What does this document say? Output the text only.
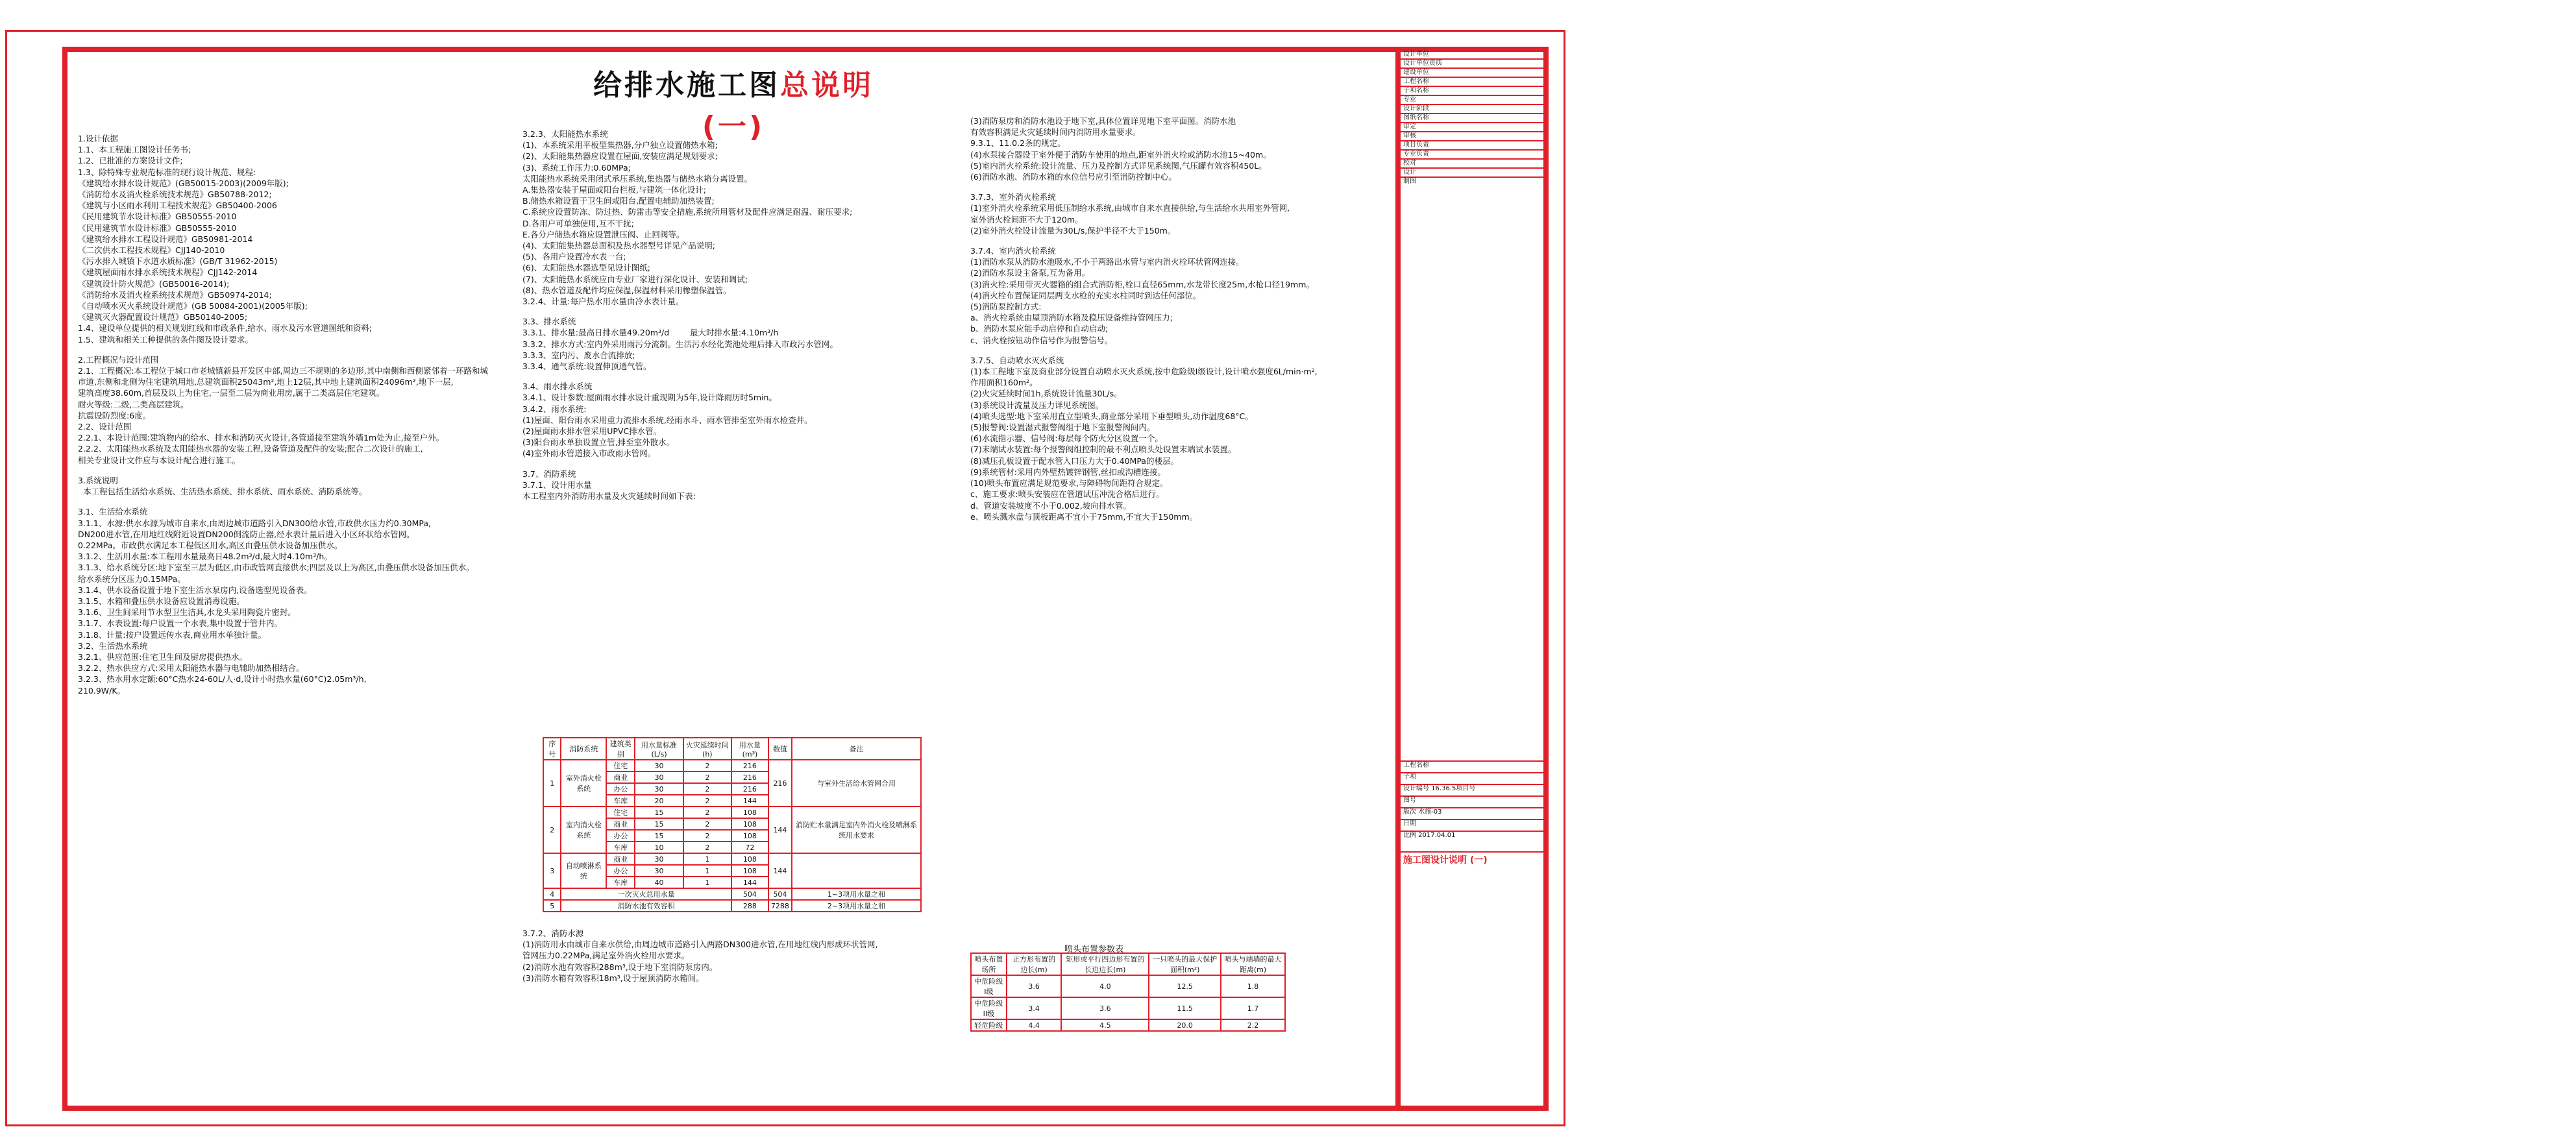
给排水施工图总说明(一)

1.设计依据

1.1、本工程施工图设计任务书;

1.2、已批准的方案设计文件;

1.3、除特殊专业规范标准的现行设计规范、规程:

《建筑给水排水设计规范》(GB50015-2003)(2009年版);

《消防给水及消火栓系统技术规范》GB50788-2012;

《建筑与小区雨水利用工程技术规范》GB50400-2006

《民用建筑节水设计标准》GB50555-2010

《民用建筑节水设计标准》GB50555-2010

《建筑给水排水工程设计规范》GB50981-2014

《二次供水工程技术规程》CJJ140-2010

《污水排入城镇下水道水质标准》(GB/T 31962-2015)

《建筑屋面雨水排水系统技术规程》CJJ142-2014

《建筑设计防火规范》(GB50016-2014);

《消防给水及消火栓系统技术规范》GB50974-2014;

《自动喷水灭火系统设计规范》(GB 50084-2001)(2005年版);

《建筑灭火器配置设计规范》GB50140-2005;

1.4、建设单位提供的相关规划红线和市政条件,给水、雨水及污水管道图纸和资料;

1.5、建筑和相关工种提供的条件图及设计要求。

2.工程概况与设计范围

2.1、工程概况:本工程位于城口市老城镇新县开发区中部,周边三不规则的多边形,其中南侧和西侧紧邻着一环路和城

市道,东侧和北侧为住宅建筑用地,总建筑面积25043m²,地上12层,其中地上建筑面积24096m²,地下一层,

建筑高度38.60m,首层及以上为住宅,一层至二层为商业用房,属于二类高层住宅建筑。

耐火等级:二级,二类高层建筑。

抗震设防烈度:6度。

2.2、设计范围

2.2.1、本设计范围:建筑物内的给水、排水和消防灭火设计,各管道接至建筑外墙1m处为止,接至户外。

2.2.2、太阳能热水系统及太阳能热水器的安装工程,设备管道及配件的安装;配合二次设计的施工,

相关专业设计文件应与本设计配合进行施工。

3.系统说明

本工程包括生活给水系统、生活热水系统、排水系统、雨水系统、消防系统等。

3.1、生活给水系统

3.1.1、水源:供水水源为城市自来水,由周边城市道路引入DN300给水管,市政供水压力约0.30MPa,

DN200进水管,在用地红线附近设置DN200倒流防止器,经水表计量后进入小区环状给水管网。

0.22MPa。市政供水满足本工程低区用水,高区由叠压供水设备加压供水。

3.1.2、生活用水量:本工程用水量最高日48.2m³/d,最大时4.10m³/h。

3.1.3、给水系统分区:地下室至三层为低区,由市政管网直接供水;四层及以上为高区,由叠压供水设备加压供水。

给水系统分区压力0.15MPa。

3.1.4、供水设备设置于地下室生活水泵房内,设备选型见设备表。

3.1.5、水箱和叠压供水设备应设置消毒设施。

3.1.6、卫生间采用节水型卫生洁具,水龙头采用陶瓷片密封。

3.1.7、水表设置:每户设置一个水表,集中设置于管井内。

3.1.8、计量:按户设置远传水表,商业用水单独计量。

3.2、生活热水系统

3.2.1、供应范围:住宅卫生间及厨房提供热水。

3.2.2、热水供应方式:采用太阳能热水器与电辅助加热相结合。

3.2.3、热水用水定额:60°C热水24-60L/人·d,设计小时热水量(60°C)2.05m³/h,

210.9W/K。

3.2.3、太阳能热水系统

(1)、本系统采用平板型集热器,分户独立设置储热水箱;

(2)、太阳能集热器应设置在屋面,安装应满足规划要求;

(3)、系统工作压力:0.60MPa;

太阳能热水系统采用闭式承压系统,集热器与储热水箱分离设置。

A.集热器安装于屋面或阳台栏板,与建筑一体化设计;

B.储热水箱设置于卫生间或阳台,配置电辅助加热装置;

C.系统应设置防冻、防过热、防雷击等安全措施,系统所用管材及配件应满足耐温、耐压要求;

D.各用户可单独使用,互不干扰;

E.各分户储热水箱应设置泄压阀、止回阀等。

(4)、太阳能集热器总面积及热水器型号详见产品说明;

(5)、各用户设置冷水表一台;

(6)、太阳能热水器选型见设计图纸;

(7)、太阳能热水系统应由专业厂家进行深化设计、安装和调试;

(8)、热水管道及配件均应保温,保温材料采用橡塑保温管。

3.2.4、计量:每户热水用水量由冷水表计量。

3.3、排水系统

3.3.1、排水量:最高日排水量49.20m³/d        最大时排水量:4.10m³/h

3.3.2、排水方式:室内外采用雨污分流制。生活污水经化粪池处理后排入市政污水管网。

3.3.3、室内污、废水合流排放;

3.3.4、通气系统:设置伸顶通气管。

3.4、雨水排水系统

3.4.1、设计参数:屋面雨水排水设计重现期为5年,设计降雨历时5min。

3.4.2、雨水系统:

(1)屋面、阳台雨水采用重力流排水系统,经雨水斗、雨水管排至室外雨水检查井。

(2)屋面雨水排水管采用UPVC排水管。

(3)阳台雨水单独设置立管,排至室外散水。

(4)室外雨水管道接入市政雨水管网。

3.7、消防系统

3.7.1、设计用水量

本工程室内外消防用水量及火灾延续时间如下表:

3.7.2、消防水源

(1)消防用水由城市自来水供给,由周边城市道路引入两路DN300进水管,在用地红线内形成环状管网,

管网压力0.22MPa,满足室外消火栓用水要求。

(2)消防水池有效容积288m³,设于地下室消防泵房内。

(3)消防水箱有效容积18m³,设于屋顶消防水箱间。

(3)消防泵房和消防水池设于地下室,具体位置详见地下室平面图。消防水池

有效容积满足火灾延续时间内消防用水量要求。

9.3.1、11.0.2条的规定。

(4)水泵接合器设于室外便于消防车使用的地点,距室外消火栓或消防水池15~40m。

(5)室内消火栓系统:设计流量、压力及控制方式详见系统图,气压罐有效容积450L。

(6)消防水池、消防水箱的水位信号应引至消防控制中心。

3.7.3、室外消火栓系统

(1)室外消火栓系统采用低压制给水系统,由城市自来水直接供给,与生活给水共用室外管网,

室外消火栓间距不大于120m。

(2)室外消火栓设计流量为30L/s,保护半径不大于150m。

3.7.4、室内消火栓系统

(1)消防水泵从消防水池吸水,不小于两路出水管与室内消火栓环状管网连接。

(2)消防水泵设主备泵,互为备用。

(3)消火栓:采用带灭火器箱的组合式消防柜,栓口直径65mm,水龙带长度25m,水枪口径19mm。

(4)消火栓布置保证同层两支水枪的充实水柱同时到达任何部位。

(5)消防泵控制方式:

a、消火栓系统由屋顶消防水箱及稳压设备维持管网压力;

b、消防水泵应能手动启停和自动启动;

c、消火栓按钮动作信号作为报警信号。

3.7.5、自动喷水灭火系统

(1)本工程地下室及商业部分设置自动喷水灭火系统,按中危险级I级设计,设计喷水强度6L/min·m²,

作用面积160m²。

(2)火灾延续时间1h,系统设计流量30L/s。

(3)系统设计流量及压力详见系统图。

(4)喷头选型:地下室采用直立型喷头,商业部分采用下垂型喷头,动作温度68°C。

(5)报警阀:设置湿式报警阀组于地下室报警阀间内。

(6)水流指示器、信号阀:每层每个防火分区设置一个。

(7)末端试水装置:每个报警阀组控制的最不利点喷头处设置末端试水装置。

(8)减压孔板设置于配水管入口压力大于0.40MPa的楼层。

(9)系统管材:采用内外壁热镀锌钢管,丝扣或沟槽连接。

(10)喷头布置应满足规范要求,与障碍物间距符合规定。

c、施工要求:喷头安装应在管道试压冲洗合格后进行。

d、管道安装坡度不小于0.002,坡向排水管。

e、喷头溅水盘与顶板距离不宜小于75mm,不宜大于150mm。

序号	消防系统	建筑类别	用水量标准(L/s)	火灾延续时间(h)	用水量(m³)	数值	备注
1	室外消火栓系统	住宅	30	2	216	216	与室外生活给水管网合用
		商业	30	2	216		
		办公	30	2	216		
		车库	20	2	144		
2	室内消火栓系统	住宅	15	2	108	144	消防贮水量满足室内外消火栓及喷淋系统用水要求
		商业	15	2	108		
		办公	15	2	108		
		车库	10	2	72		
3	自动喷淋系统	商业	30	1	108	144	
		办公	30	1	108		
		车库	40	1	144		
4	一次灭火总用水量				504	504	1~3项用水量之和
5	消防水池有效容积				288	7288	2~3项用水量之和
喷头布置参数表
喷头布置场所	正方形布置的边长(m)	矩形或平行四边形布置的长边边长(m)	一只喷头的最大保护面积(m²)	喷头与端墙的最大距离(m)
中危险级I级	3.6	4.0	12.5	1.8
中危险级II级	3.4	3.6	11.5	1.7
轻危险级	4.4	4.5	20.0	2.2
设计单位
设计单位资质
建设单位
工程名称
子项名称
专业
设计阶段
图纸名称
审定
审核
项目负责
专业负责
校对
设计
制图
施工图设计说明 (一)
工程名称
子项
设计编号 16.36.5项目号
图号
版次 水施-03
日期
比例 2017.04.01
